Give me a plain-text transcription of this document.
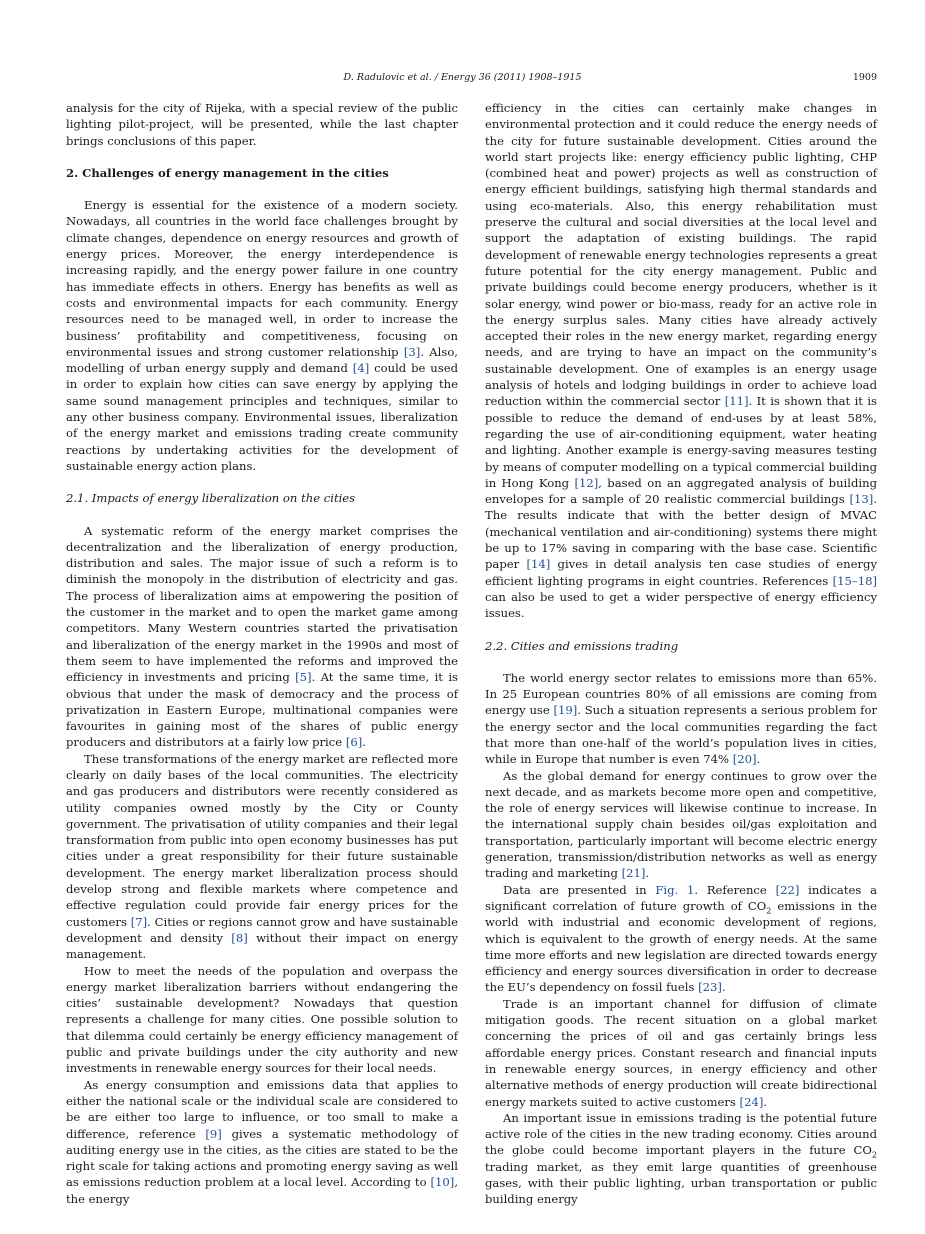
D. Radulovic et al. / Energy 36 (2011) 1908–1915	1909

analysis for the city of Rijeka, with a special review of the public lighting pilot-project, will be presented, while the last chapter brings conclusions of this paper.

2. Challenges of energy management in the cities

Energy is essential for the existence of a modern society. Nowadays, all countries in the world face challenges brought by climate changes, dependence on energy resources and growth of energy prices. Moreover, the energy interdependence is increasing rapidly, and the energy power failure in one country has immediate effects in others. Energy has benefits as well as costs and environmental impacts for each community. Energy resources need to be managed well, in order to increase the business’ profitability and competitiveness, focusing on environmental issues and strong customer relationship [3]. Also, modelling of urban energy supply and demand [4] could be used in order to explain how cities can save energy by applying the same sound management principles and techniques, similar to any other business company. Environmental issues, liberalization of the energy market and emissions trading create community reactions by undertaking activities for the development of sustainable energy action plans.

2.1. Impacts of energy liberalization on the cities

A systematic reform of the energy market comprises the decentralization and the liberalization of energy production, distribution and sales. The major issue of such a reform is to diminish the monopoly in the distribution of electricity and gas. The process of liberalization aims at empowering the position of the customer in the market and to open the market game among competitors. Many Western countries started the privatisation and liberalization of the energy market in the 1990s and most of them seem to have implemented the reforms and improved the efficiency in investments and pricing [5]. At the same time, it is obvious that under the mask of democracy and the process of privatization in Eastern Europe, multinational companies were favourites in gaining most of the shares of public energy producers and distributors at a fairly low price [6].

These transformations of the energy market are reflected more clearly on daily bases of the local communities. The electricity and gas producers and distributors were recently considered as utility companies owned mostly by the City or County government. The privatisation of utility companies and their legal transformation from public into open economy businesses has put cities under a great responsibility for their future sustainable development. The energy market liberalization process should develop strong and flexible markets where competence and effective regulation could provide fair energy prices for the customers [7]. Cities or regions cannot grow and have sustainable development and density [8] without their impact on energy management.

How to meet the needs of the population and overpass the energy market liberalization barriers without endangering the cities’ sustainable development? Nowadays that question represents a challenge for many cities. One possible solution to that dilemma could certainly be energy efficiency management of public and private buildings under the city authority and new investments in renewable energy sources for their local needs.

As energy consumption and emissions data that applies to either the national scale or the individual scale are considered to be are either too large to influence, or too small to make a difference, reference [9] gives a systematic methodology of auditing energy use in the cities, as the cities are stated to be the right scale for taking actions and promoting energy saving as well as emissions reduction problem at a local level. According to [10], the energy

efficiency in the cities can certainly make changes in environmental protection and it could reduce the energy needs of the city for future sustainable development. Cities around the world start projects like: energy efficiency public lighting, CHP (combined heat and power) projects as well as construction of energy efficient buildings, satisfying high thermal standards and using eco-materials. Also, this energy rehabilitation must preserve the cultural and social diversities at the local level and support the adaptation of existing buildings. The rapid development of renewable energy technologies represents a great future potential for the city energy management. Public and private buildings could become energy producers, whether is it solar energy, wind power or bio-mass, ready for an active role in the energy surplus sales. Many cities have already actively accepted their roles in the new energy market, regarding energy needs, and are trying to have an impact on the community’s sustainable development. One of examples is an energy usage analysis of hotels and lodging buildings in order to achieve load reduction within the commercial sector [11]. It is shown that it is possible to reduce the demand of end-uses by at least 58%, regarding the use of air-conditioning equipment, water heating and lighting. Another example is energy-saving measures testing by means of computer modelling on a typical commercial building in Hong Kong [12], based on an aggregated analysis of building envelopes for a sample of 20 realistic commercial buildings [13]. The results indicate that with the better design of MVAC (mechanical ventilation and air-conditioning) systems there might be up to 17% saving in comparing with the base case. Scientific paper [14] gives in detail analysis ten case studies of energy efficient lighting programs in eight countries. References [15–18] can also be used to get a wider perspective of energy efficiency issues.

2.2. Cities and emissions trading

The world energy sector relates to emissions more than 65%. In 25 European countries 80% of all emissions are coming from energy use [19]. Such a situation represents a serious problem for the energy sector and the local communities regarding the fact that more than one-half of the world’s population lives in cities, while in Europe that number is even 74% [20].

As the global demand for energy continues to grow over the next decade, and as markets become more open and competitive, the role of energy services will likewise continue to increase. In the international supply chain besides oil/gas exploitation and transportation, particularly important will become electric energy generation, transmission/distribution networks as well as energy trading and marketing [21].

Data are presented in Fig. 1. Reference [22] indicates a significant correlation of future growth of $CO_2$ emissions in the world with industrial and economic development of regions, which is equivalent to the growth of energy needs. At the same time more efforts and new legislation are directed towards energy efficiency and energy sources diversification in order to decrease the EU’s dependency on fossil fuels [23].

Trade is an important channel for diffusion of climate mitigation goods. The recent situation on a global market concerning the prices of oil and gas certainly brings less affordable energy prices. Constant research and financial inputs in renewable energy sources, in energy efficiency and other alternative methods of energy production will create bidirectional energy markets suited to active customers [24].

An important issue in emissions trading is the potential future active role of the cities in the new trading economy. Cities around the globe could become important players in the future $CO_2$ trading market, as they emit large quantities of greenhouse gases, with their public lighting, urban transportation or public building energy
